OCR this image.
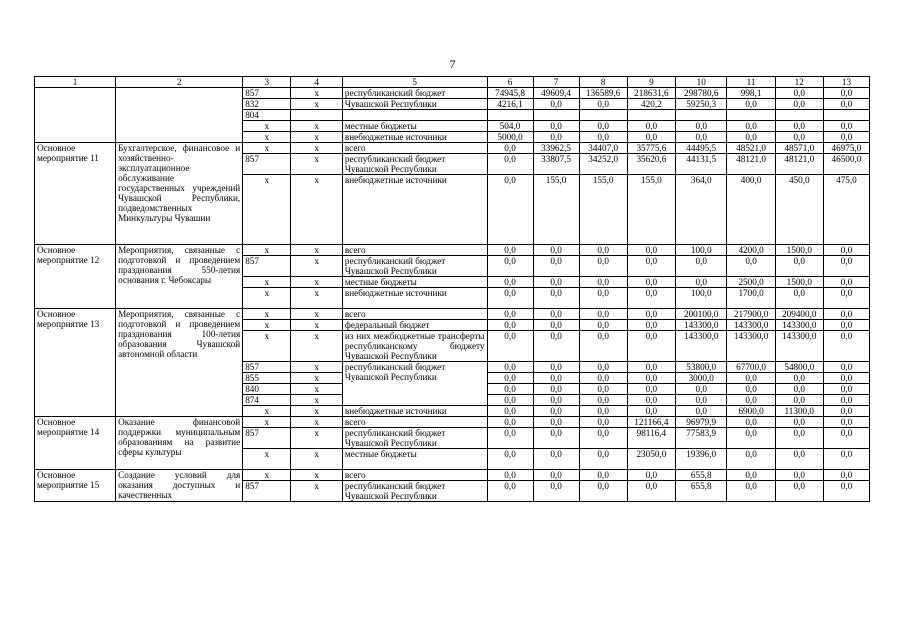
7
1	2	3	4	5	6	7	8	9	10	11	12	13
		857	x	республиканский бюджет	74945,8	49609,4	136589,6	218631,6	298780,6	998,1	0,0	0,0
		832	x	Чувашской Республики	4216,1	0,0	0,0	420,2	59250,3	0,0	0,0	0,0
		804										
		x	x	местные бюджеты	504,0	0,0	0,0	0,0	0,0	0,0	0,0	0,0
		x	x	внебюджетные источники	5000,0	0,0	0,0	0,0	0,0	0,0	0,0	0,0
Основное мероприятие 11	Бухгалтерское, финансовое и хозяйственно-эксплуатационное обслуживание государственных учреждений Чувашской Республики, подведомственных Минкультуры Чувашии	x	x	всего	0,0	33962,5	34407,0	35775,6	44495,5	48521,0	48571,0	46975,0
		857	x	республиканский бюджет Чувашской Республики	0,0	33807,5	34252,0	35620,6	44131,5	48121,0	48121,0	46500,0
		x	x	внебюджетные источники	0,0	155,0	155,0	155,0	364,0	400,0	450,0	475,0
Основное мероприятие 12	Мероприятия, связанные с подготовкой и проведением празднования 550-летия основания г. Чебоксары	x	x	всего	0,0	0,0	0,0	0,0	100,0	4200,0	1500,0	0,0
		857	x	республиканский бюджет Чувашской Республики	0,0	0,0	0,0	0,0	0,0	0,0	0,0	0,0
		x	x	местные бюджеты	0,0	0,0	0,0	0,0	0,0	2500,0	1500,0	0,0
		x	x	внебюджетные источники	0,0	0,0	0,0	0,0	100,0	1700,0	0,0	0,0
Основное мероприятие 13	Мероприятия, связанные с подготовкой и проведением празднования 100-летия образования Чувашской автономной области	x	x	всего	0,0	0,0	0,0	0,0	200100,0	217900,0	209400,0	0,0
		x	x	федеральный бюджет	0,0	0,0	0,0	0,0	143300,0	143300,0	143300,0	0,0
		x	x	из них межбюджетные трансферты республиканскому бюджету Чувашской Республики	0,0	0,0	0,0	0,0	143300,0	143300,0	143300,0	0,0
		857	x	республиканский бюджет Чувашской Республики	0,0	0,0	0,0	0,0	53800,0	67700,0	54800,0	0,0
		855	x		0,0	0,0	0,0	0,0	3000,0	0,0	0,0	0,0
		840	x		0,0	0,0	0,0	0,0	0,0	0,0	0,0	0,0
		874	x		0,0	0,0	0,0	0,0	0,0	0,0	0,0	0,0
		x	x	внебюджетные источники	0,0	0,0	0,0	0,0	0,0	6900,0	11300,0	0,0
Основное мероприятие 14	Оказание финансовой поддержки муниципальным образованиям на развитие сферы культуры	x	x	всего	0,0	0,0	0,0	121166,4	96979,9	0,0	0,0	0,0
		857	x	республиканский бюджет Чувашской Республики	0,0	0,0	0,0	98116,4	77583,9	0,0	0,0	0,0
		x	x	местные бюджеты	0,0	0,0	0,0	23050,0	19396,0	0,0	0,0	0,0
Основное мероприятие 15	Создание условий для оказания доступных и качественных	x	x	всего	0,0	0,0	0,0	0,0	655,8	0,0	0,0	0,0
		857	x	республиканский бюджет Чувашской Республики	0,0	0,0	0,0	0,0	655,8	0,0	0,0	0,0
